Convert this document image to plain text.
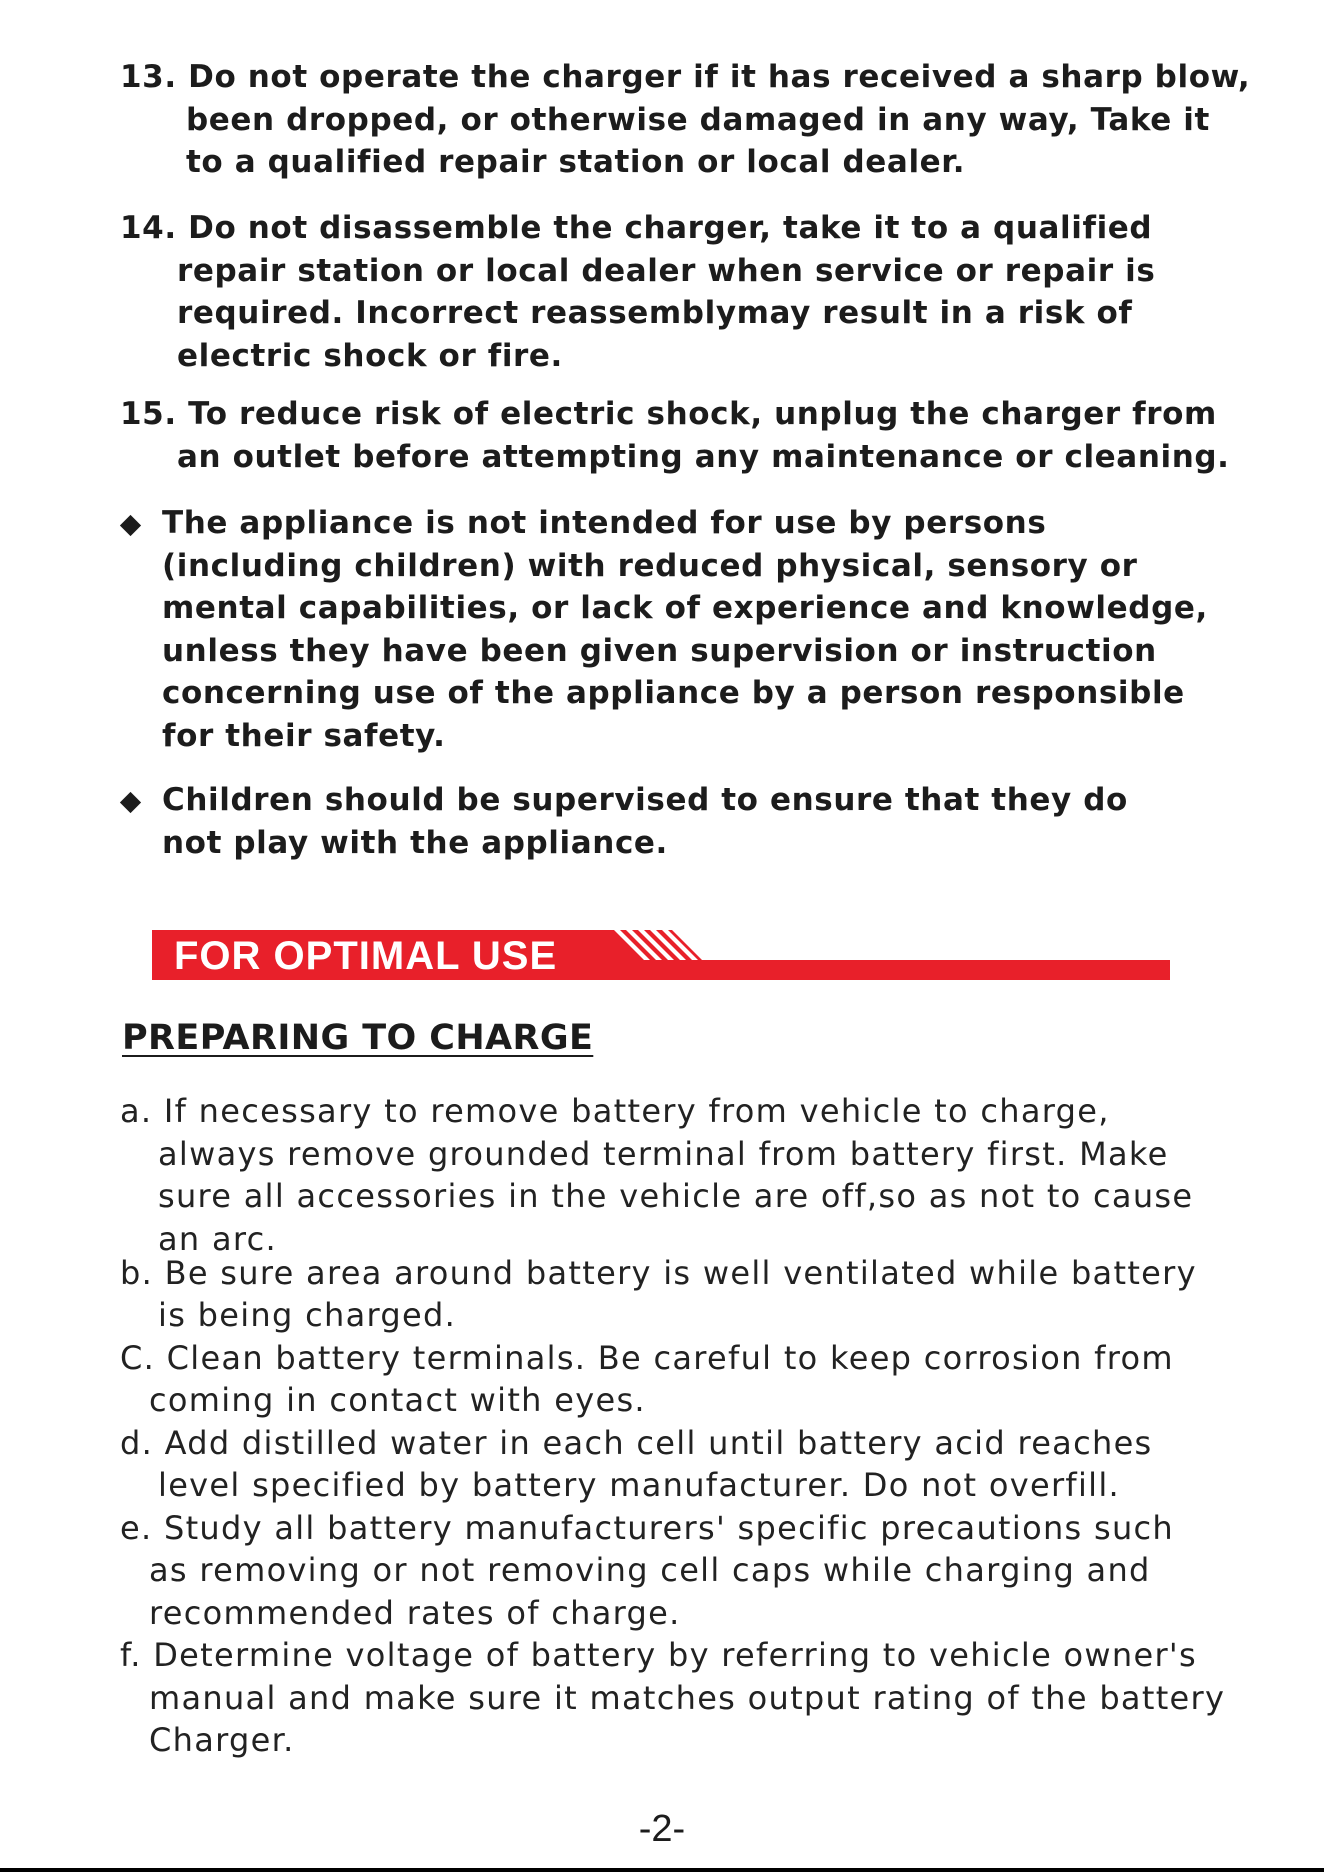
13. Do not operate the charger if it has received a sharp blow,
been dropped, or otherwise damaged in any way, Take it
to a qualified repair station or local dealer.
14. Do not disassemble the charger, take it to a qualified
repair station or local dealer when service or repair is
required. Incorrect reassemblymay result in a risk of
electric shock or fire.
15. To reduce risk of electric shock, unplug the charger from
an outlet before attempting any maintenance or cleaning.
The appliance is not intended for use by persons
(including children) with reduced physical, sensory or
mental capabilities, or lack of experience and knowledge,
unless they have been given supervision or instruction
concerning use of the appliance by a person responsible
for their safety.
Children should be supervised to ensure that they do
not play with the appliance.
FOR OPTIMAL USE
PREPARING TO CHARGE
a. If necessary to remove battery from vehicle to charge,
always remove grounded terminal from battery first. Make
sure all accessories in the vehicle are off,so as not to cause
an arc.
b. Be sure area around battery is well ventilated while battery
is being charged.
C. Clean battery terminals. Be careful to keep corrosion from
coming in contact with eyes.
d. Add distilled water in each cell until battery acid reaches
level specified by battery manufacturer. Do not overfill.
e. Study all battery manufacturers' specific precautions such
as removing or not removing cell caps while charging and
recommended rates of charge.
f. Determine voltage of battery by referring to vehicle owner's
manual and make sure it matches output rating of the battery
Charger.
-2-
